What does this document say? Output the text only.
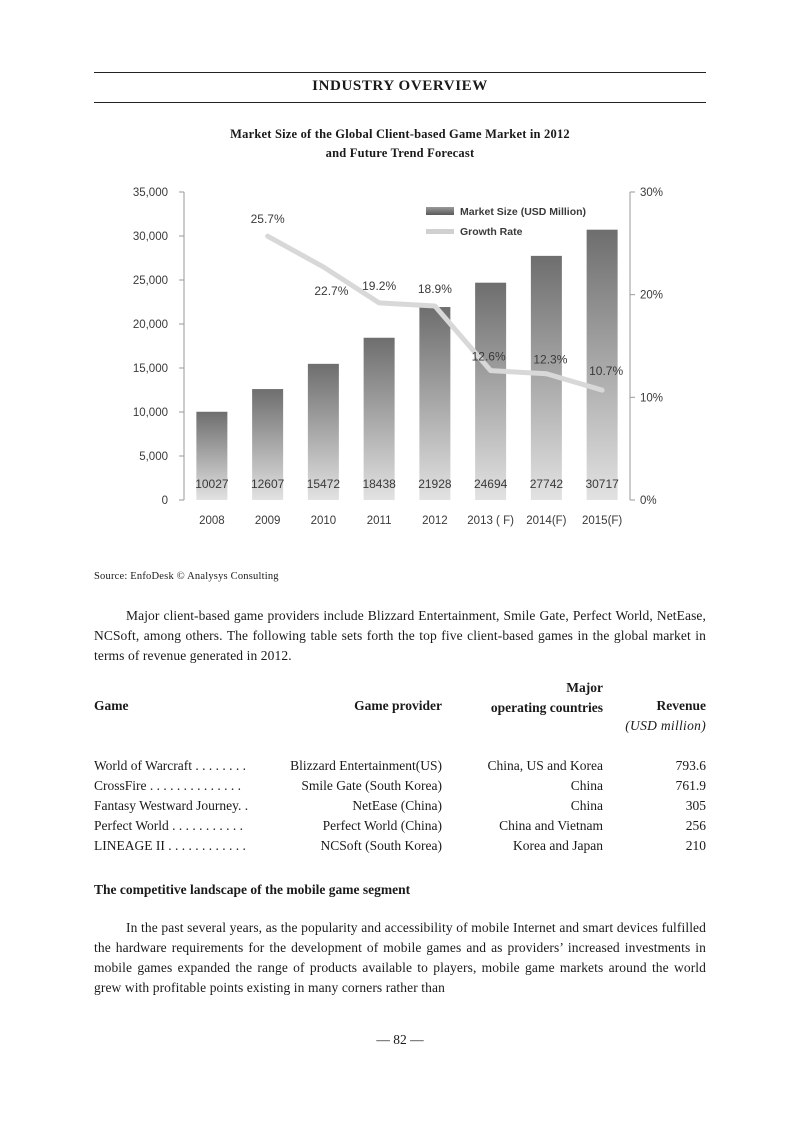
INDUSTRY OVERVIEW
Market Size of the Global Client-based Game Market in 2012
and Future Trend Forecast
0
5,000
10,000
15,000
20,000
25,000
30,000
35,000
0%
10%
20%
30%
10027
2008
12607
2009
15472
2010
18438
2011
21928
2012
24694
2013 ( F)
27742
2014(F)
30717
2015(F)
25.7%
22.7% 19.2% 18.9%
12.6% 12.3%
10.7%
Market Size (USD Million)
Growth Rate
Source: EnfoDesk © Analysys Consulting
Major client-based game providers include Blizzard Entertainment, Smile Gate, Perfect World, NetEase, NCSoft, among others. The following table sets forth the top five client-based games in the global market in terms of revenue generated in 2012.
Game	Game provider
Major
operating countries	Revenue
(USD million)
World of Warcraft . . . . . . . .	Blizzard Entertainment(US)	China, US and Korea	793.6
CrossFire . . . . . . . . . . . . . .	Smile Gate (South Korea)	China	761.9
Fantasy Westward Journey. .	NetEase (China)	China	305
Perfect World . . . . . . . . . . .	Perfect World (China)	China and Vietnam	256
LINEAGE II . . . . . . . . . . . .	NCSoft (South Korea)	Korea and Japan	210
The competitive landscape of the mobile game segment
In the past several years, as the popularity and accessibility of mobile Internet and smart devices fulfilled the hardware requirements for the development of mobile games and as providers’ increased investments in mobile games expanded the range of products available to players, mobile game markets around the world grew with profitable points existing in many corners rather than
— 82 —
